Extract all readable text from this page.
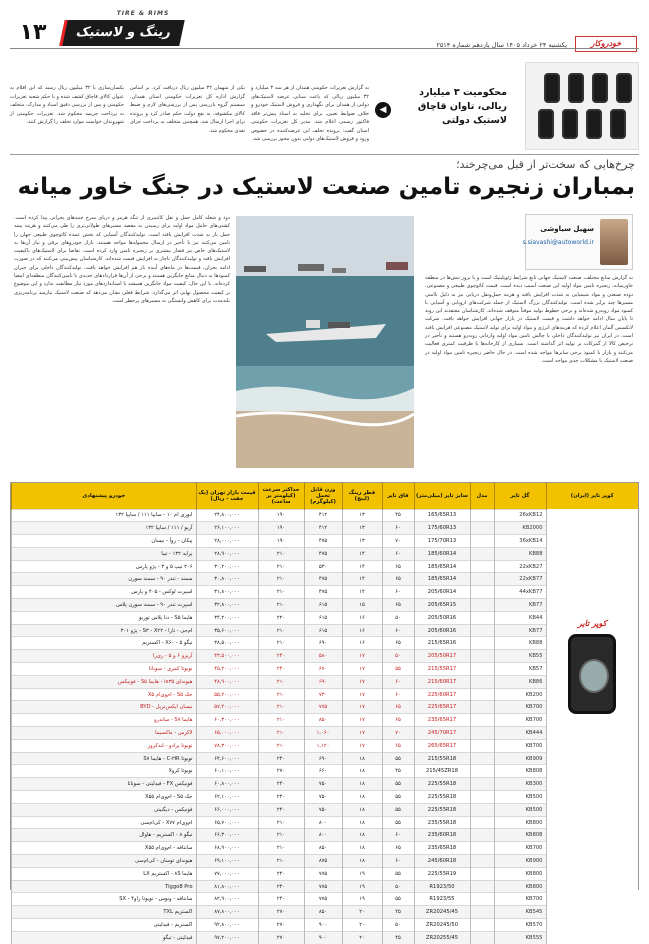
۱۳
TIRE & RIMS
رینگ و لاستیک
یکشنبه ۲۴ خرداد ۱۴۰۵ سال یازدهم شماره ۲۵۱۴	خودروکار
محکومیت ۳ میلیارد ریالی، تاوان قاچاق لاستیک دولتی
◀
به گزارش تعزیرات حکومتی همدان از هر سه ۳ میلیارد و ۳۲ میلیون ریالی که باعث سنایی عرضه لاستیک‌های دولتی از همدان برای نگهداری و فروش لاستیک خودرو و خلاف ضوابط تعیین، برای تخلیه به اسناد پیش‌تر فاقد فاکتور رسمی اعلام شد. مدیر کل تعزیرات حکومتی استان گفت: پرونده تخلف این عرضه‌کننده در خصوص ورود و فروش لاستیک‌های دولتی بدون مجوز بررسی شد.
یکی از متهمان ۳۲ میلیون ریال دریافت کرد. بر اساس گزارش اداره کل تعزیرات حکومتی استان همدان، سیستم گروه بازرسی پس از بررسی‌های لازم و ضبط کالای مکشوفه، به نفع دولت حکم صادر کرد و پرونده برای اجرا ارسال شد. همچنین متخلف به پرداخت جزای نقدی محکوم شد.
یکسان‌سازی با ۳۲ میلیون ریال رسید که این اقلام به عنوان کالای قاچاق کشف شده و با حکم شعبه تعزیرات حکومتی و پس از بررسی دقیق اسناد و مدارک، متخلف به پرداخت جریمه محکوم شد. تعزیرات حکومتی از شهروندان خواست موارد تخلف را گزارش کنند.
چرخ‌هایی که سخت‌تر از قبل می‌چرخند؛
بمباران زنجیره تامین صنعت لاستیک در جنگ خاور میانه
سهیل سیاوشی
s.siavashi@autoworld.ir
به گزارش منابع مختلف، صنعت لاستیک جهانی تابع شرایط ژئوپلیتیک است و با بروز تنش‌ها در منطقه خاورمیانه، زنجیره تامین مواد اولیه این صنعت آسیب دیده است. قیمت کائوچوی طبیعی و مصنوعی، دوده صنعتی و مواد شیمیایی به شدت افزایش یافته و هزینه حمل‌ونقل دریایی نیز به دلیل ناامنی مسیرها چند برابر شده است. تولیدکنندگان بزرگ لاستیک از جمله شرکت‌های اروپایی و آسیایی با کمبود مواد روبه‌رو شده‌اند و برخی خطوط تولید موقتاً متوقف شده‌اند. کارشناسان معتقدند این روند تا پایان سال ادامه خواهد داشت و قیمت لاستیک در بازار جهانی افزایش خواهد یافت. شرکت لانکسس آلمان اعلام کرده که هزینه‌های انرژی و مواد اولیه برای تولید لاستیک مصنوعی افزایش یافته است. در ایران نیز تولیدکنندگان داخلی با چالش تامین مواد اولیه وارداتی روبه‌رو هستند و تأخیر در ترخیص کالا از گمرکات بر تولید اثر گذاشته است. بسیاری از کارخانه‌ها با ظرفیت کمتری فعالیت می‌کنند و بازار با کمبود برخی سایزها مواجه شده است. در حال حاضر زنجیره تامین مواد اولیه در صنعت لاستیک با مشکلات جدی مواجه است.
دود و شعله کامل حمل و نقل کانتینری از تنگه هرمز و دریای سرخ جنبه‌های بحرانی پیدا کرده است. کشتی‌های حامل مواد اولیه برای رسیدن به مقصد مسیرهای طولانی‌تری را طی می‌کنند و هزینه بیمه حمل بار به شدت افزایش یافته است. تولیدکنندگان آسیایی که بخش عمده کائوچوی طبیعی جهان را تامین می‌کنند نیز با تأخیر در ارسال محموله‌ها مواجه هستند. بازار خودروهای برقی و نیاز آن‌ها به لاستیک‌های خاص نیز فشار بیشتری بر زنجیره تامین وارد کرده است. تقاضا برای لاستیک‌های باکیفیت افزایش یافته و تولیدکنندگان ناچار به افزایش قیمت شده‌اند. کارشناسان پیش‌بینی می‌کنند که در صورت ادامه بحران، قیمت‌ها در ماه‌های آینده باز هم افزایش خواهد یافت. تولیدکنندگان داخلی برای جبران کمبودها به دنبال منابع جایگزین هستند و برخی از آن‌ها قراردادهای جدیدی با تامین‌کنندگان منطقه‌ای امضا کرده‌اند. با این حال، کیفیت مواد جایگزین همیشه با استانداردهای مورد نیاز مطابقت ندارد و این موضوع بر کیفیت محصول نهایی اثر می‌گذارد. شرایط فعلی نشان می‌دهد که صنعت لاستیک نیازمند برنامه‌ریزی بلندمدت برای کاهش وابستگی به مسیرهای پرخطر است.
کوپر تایر (ایران)	گل تایر	مدل	سایز تایر (میلی‌متر)	قاق تایر	قطر رینگ (اینچ)	وزن قابل تحمل (کیلوگرم)	حداکثر سرعت (کیلومتر بر ساعت)	قیمت بازار تهران (یک جفت - ریال)	خودرو پیشنهادی

کوپر تایر	26xKB12		165/65R13	۴۵	۱۳	۴۱۲	۱۹۰	۲۴,۸۰۰,۰۰۰	ابوری ام ۱۰ - سایپا ۱۱۱ / سایپا ۱۳۲
	KB2000		175/60R13	۶۰	۱۳	۴۱۲	۱۹۰	۲۶,۱۰۰,۰۰۰	آریو / ۱۱۱ / سایپا ۱۳۲
	36xKB14		175/70R13	۷۰	۱۳	۴۷۵	۱۹۰	۲۸,۰۰۰,۰۰۰	پیکان - روآ - نیسان
	KB88		185/60R14	۶۰	۱۴	۴۷۵	۲۱۰	۲۸,۹۰۰,۰۰۰	پراید ۱۳۲ - تیبا
	22xKB27		185/65R14	۶۵	۱۴	۵۳۰	۲۱۰	۳۰,۲۰۰,۰۰۰	۲۰۶ تیپ ۵ و ۳ - پژو پارس
	22xKB77		185/65R14	۶۵	۱۴	۴۷۵	۲۱۰	۳۰,۸۰۰,۰۰۰	سمند - تندر ۹۰ - سمند سورن
	44xKB77		205/60R14	۶۰	۱۴	۴۷۵	۲۱۰	۳۱,۸۰۰,۰۰۰	اسپرت لوکس - ۴۰۵ و پارس
	KB77		205/65R15	۶۵	۱۵	۶۱۵	۲۱۰	۳۲,۸۰۰,۰۰۰	اسپرت تندر ۹۰ - سمند سورن پلاس
	KB44		205/50R16	۵۰	۱۶	۶۱۵	۲۲۰	۳۴,۲۰۰,۰۰۰	هایما S۵ - دنا پلاس توربو
	KB77		205/60R16	۶۰	۱۶	۶۱۵	۲۱۰	۳۵,۶۰۰,۰۰۰	ام‌جی - تارا - S۳ - X۲۲ - پژو ۳۰۱
	KB88		215/65R16	۶۵	۱۶	۶۹۰	۲۱۰	۳۸,۵۰۰,۰۰۰	تیگو ۵ - X۶۰ - اکستریم
	KB55		205/50R17	۵۰	۱۷	۵۸۰	۲۴۰	۴۳,۵۰۰,۰۰۰	آریزو ۶ و ۵ - ری‌را
	KB57		215/55R17	۵۵	۱۷	۶۷۰	۲۴۰	۴۵,۲۰۰,۰۰۰	تویوتا کمری - سوناتا
	KB86		215/60R17	۶۰	۱۷	۶۹۰	۲۱۰	۴۸,۹۰۰,۰۰۰	هیوندای ix۳۵ - هایما S۵ - فونیکس
	KB200		225/60R17	۶۰	۱۷	۷۳۰	۲۱۰	۵۵,۲۰۰,۰۰۰	جک S۵ - ام‌وی‌ام X۵
	KB700		225/65R17	۶۵	۱۷	۷۷۵	۲۱۰	۵۷,۴۰۰,۰۰۰	نیسان ایکس‌تریل - BYD
	KB700		235/65R17	۶۵	۱۷	۸۵۰	۲۱۰	۶۰,۳۰۰,۰۰۰	هایما S۷ - ساندرو
	KB444		245/70R17	۷۰	۱۷	۱,۰۶۰	۲۱۰	۶۵,۰۰۰,۰۰۰	لاکرس - ماکسیما
	KB700		265/65R17	۶۵	۱۷	۱,۱۲۰	۲۱۰	۷۸,۳۰۰,۰۰۰	تویوتا پرادو - لندکروز
	KB909		215/55R18	۵۵	۱۸	۶۹۰	۲۴۰	۶۴,۶۰۰,۰۰۰	تویوتا C-HR - هایما S۷
	KB808		215/45ZR18	۴۵	۱۸	۶۶۰	۲۷۰	۶۰,۱۰۰,۰۰۰	تویوتا کرولا
	KB300		225/55R18	۵۵	۱۸	۷۵۰	۲۴۰	۶۰,۸۰۰,۰۰۰	فونیکس FX - فیدلیتی - سوناتا
	KB500		225/55R18	۵۵	۱۸	۷۵۰	۲۴۰	۶۲,۱۰۰,۰۰۰	جک S۵ - ام‌وی‌ام X۵۵
	KB500		225/55R18	۵۵	۱۸	۷۵۰	۲۴۰	۶۶,۰۰۰,۰۰۰	فونیکس - دیگنیتی
	KB800		235/55R18	۵۵	۱۸	۸۰۰	۲۱۰	۶۵,۷۰۰,۰۰۰	ام‌وی‌ام X۷۷ - کی‌ام‌سی
	KB808		235/60R18	۶۰	۱۸	۸۰۰	۲۱۰	۶۶,۳۰۰,۰۰۰	تیگو ۸ - اکستریم - هاوال
	KB700		235/65R18	۶۵	۱۸	۸۵۰	۲۱۰	۶۸,۹۰۰,۰۰۰	سانتافه - ام‌وی‌ام X۵۵
	KB900		245/60R18	۶۰	۱۸	۸۷۵	۲۱۰	۶۹,۱۰۰,۰۰۰	هیوندای توسان - کی‌ام‌سی
	KB800		225/55R19	۵۵	۱۹	۷۷۵	۲۴۰	۷۷,۰۰۰,۰۰۰	هایما ۸S - اکستریم LX
	KB800		R1923/50	۵۰	۱۹	۷۷۵	۲۴۰	۸۱,۸۰۰,۰۰۰	Tiggo8 Pro
	KB700		R1923/55	۵۵	۱۹	۷۷۵	۲۴۰	۸۲,۹۰۰,۰۰۰	سانتافه - ونوس - تویوتا راو۴ - SX
	KB545		ZR20245/45	۴۵	۲۰	۸۵۰	۲۷۰	۸۷,۸۰۰,۰۰۰	اکستریم TXL
	KB570		ZR20245/50	۵۰	۲۰	۹۰۰	۲۷۰	۹۲,۸۰۰,۰۰۰	اکستریم - فیدلیتی
	KB555		ZR20255/45	۴۵	۲۰	۹۰۰	۲۷۰	۹۷,۲۰۰,۰۰۰	فیدلیتی - تیگو
